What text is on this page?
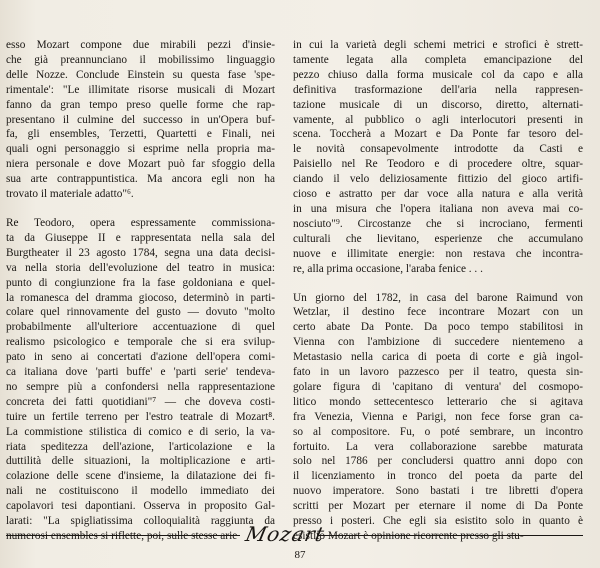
esso Mozart compone due mirabili pezzi d'insie-
che già preannunciano il mobilissimo linguaggio
delle Nozze. Conclude Einstein su questa fase 'spe-
rimentale': "Le illimitate risorse musicali di Mozart
fanno da gran tempo preso quelle forme che rap-
presentano il culmine del successo in un'Opera buf-
fa, gli ensembles, Terzetti, Quartetti e Finali, nei
quali ogni personaggio si esprime nella propria ma-
niera personale e dove Mozart può far sfoggio della
sua arte contrappuntistica. Ma ancora egli non ha
trovato il materiale adatto"⁶.

Re Teodoro, opera espressamente commissiona-
ta da Giuseppe II e rappresentata nella sala del
Burgtheater il 23 agosto 1784, segna una data decisi-
va nella storia dell'evoluzione del teatro in musica:
punto di congiunzione fra la fase goldoniana e quel-
la romanesca del dramma giocoso, determinò in parti-
colare quel rinnovamente del gusto — dovuto "molto
probabilmente all'ulteriore accentuazione di quel
realismo psicologico e temporale che si era svilup-
pato in seno ai concertati d'azione dell'opera comi-
ca italiana dove 'parti buffe' e 'parti serie' tendeva-
no sempre più a confondersi nella rappresentazione
concreta dei fatti quotidiani"⁷ — che doveva costi-
tuire un fertile terreno per l'estro teatrale di Mozart⁸.
La commistione stilistica di comico e di serio, la va-
riata speditezza dell'azione, l'articolazione e la
duttilità delle situazioni, la moltiplicazione e arti-
colazione delle scene d'insieme, la dilatazione dei fi-
nali ne costituiscono il modello immediato dei
capolavori tesi dapontiani. Osserva in proposito Gal-
larati: "La spigliatissima colloquialità raggiunta da
numerosi ensembles si riflette, poi, sulle stesse arie

in cui la varietà degli schemi metrici e strofici è strett-
tamente legata alla completa emancipazione del
pezzo chiuso dalla forma musicale col da capo e alla
definitiva trasformazione dell'aria nella rappresen-
tazione musicale di un discorso, diretto, alternati-
vamente, al pubblico o agli interlocutori presenti in
scena. Toccherà a Mozart e Da Ponte far tesoro del-
le novità consapevolmente introdotte da Casti e
Paisiello nel Re Teodoro e di procedere oltre, squar-
ciando il velo deliziosamente fittizio del gioco artifi-
cioso e astratto per dar voce alla natura e alla verità
in una misura che l'opera italiana non aveva mai co-
nosciuto"⁹. Circostanze che si incrociano, fermenti
culturali che lievitano, esperienze che accumulano
nuove e illimitate energie: non restava che incontra-
re, alla prima occasione, l'araba fenice . . .

Un giorno del 1782, in casa del barone Raimund von
Wetzlar, il destino fece incontrare Mozart con un
certo abate Da Ponte. Da poco tempo stabilitosi in
Vienna con l'ambizione di succedere nientemeno a
Metastasio nella carica di poeta di corte e già ingol-
fato in un lavoro pazzesco per il teatro, questa sin-
golare figura di 'capitano di ventura' del cosmopo-
litico mondo settecentesco letterario che si agitava
fra Venezia, Vienna e Parigi, non fece forse gran ca-
so al compositore. Fu, o poté sembrare, un incontro
fortuito. La vera collaborazione sarebbe maturata
solo nel 1786 per concludersi quattro anni dopo con
il licenziamento in tronco del poeta da parte del
nuovo imperatore. Sono bastati i tre libretti d'opera
scritti per Mozart per eternare il nome di Da Ponte
presso i posteri. Che egli sia esistito solo in quanto è
esistito Mozart è opinione ricorrente presso gli stu-

Mozart
87
